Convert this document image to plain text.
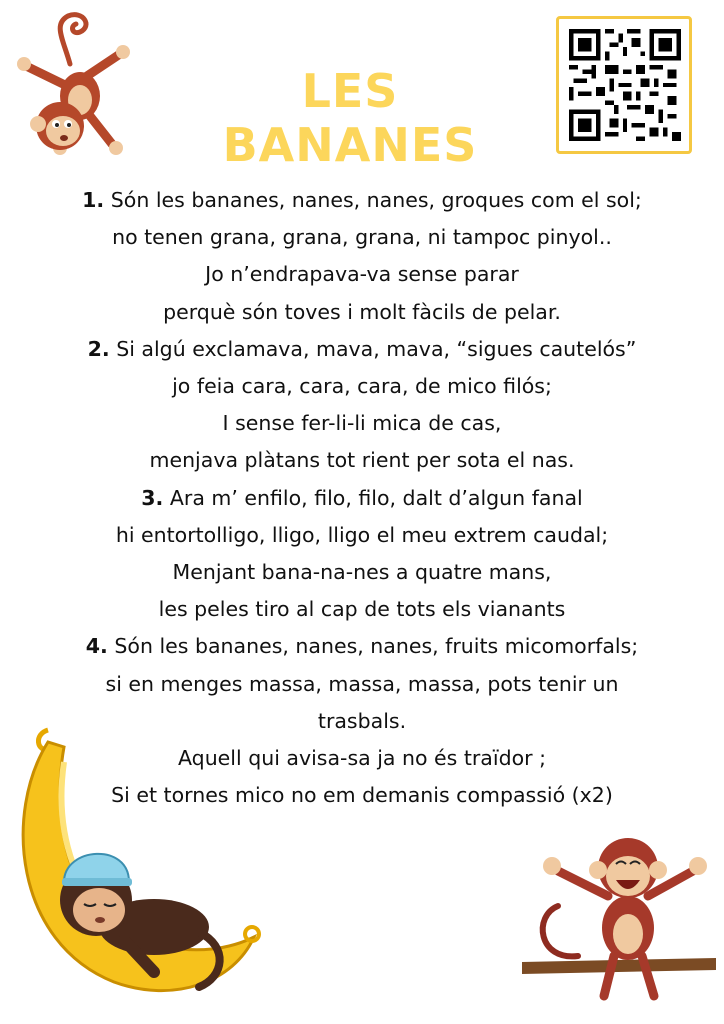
LES BANANES

1. Són les bananes, nanes, nanes, groques com el sol;

no tenen grana, grana, grana, ni tampoc pinyol..

Jo n’endrapava-va sense parar

perquè són toves i molt fàcils de pelar.

2. Si algú exclamava, mava, mava, “sigues cautelós”

jo feia cara, cara, cara, de mico filós;

I sense fer-li-li mica de cas,

menjava plàtans tot rient per sota el nas.

3. Ara m’ enfilo, filo, filo, dalt d’algun fanal

hi entortolligo, lligo, lligo el meu extrem caudal;

Menjant bana-na-nes a quatre mans,

les peles tiro al cap de tots els vianants

4. Són les bananes, nanes, nanes, fruits micomorfals;

si en menges massa, massa, massa, pots tenir un

trasbals.

Aquell qui avisa-sa ja no és traïdor ;

Si et tornes mico no em demanis compassió (x2)
